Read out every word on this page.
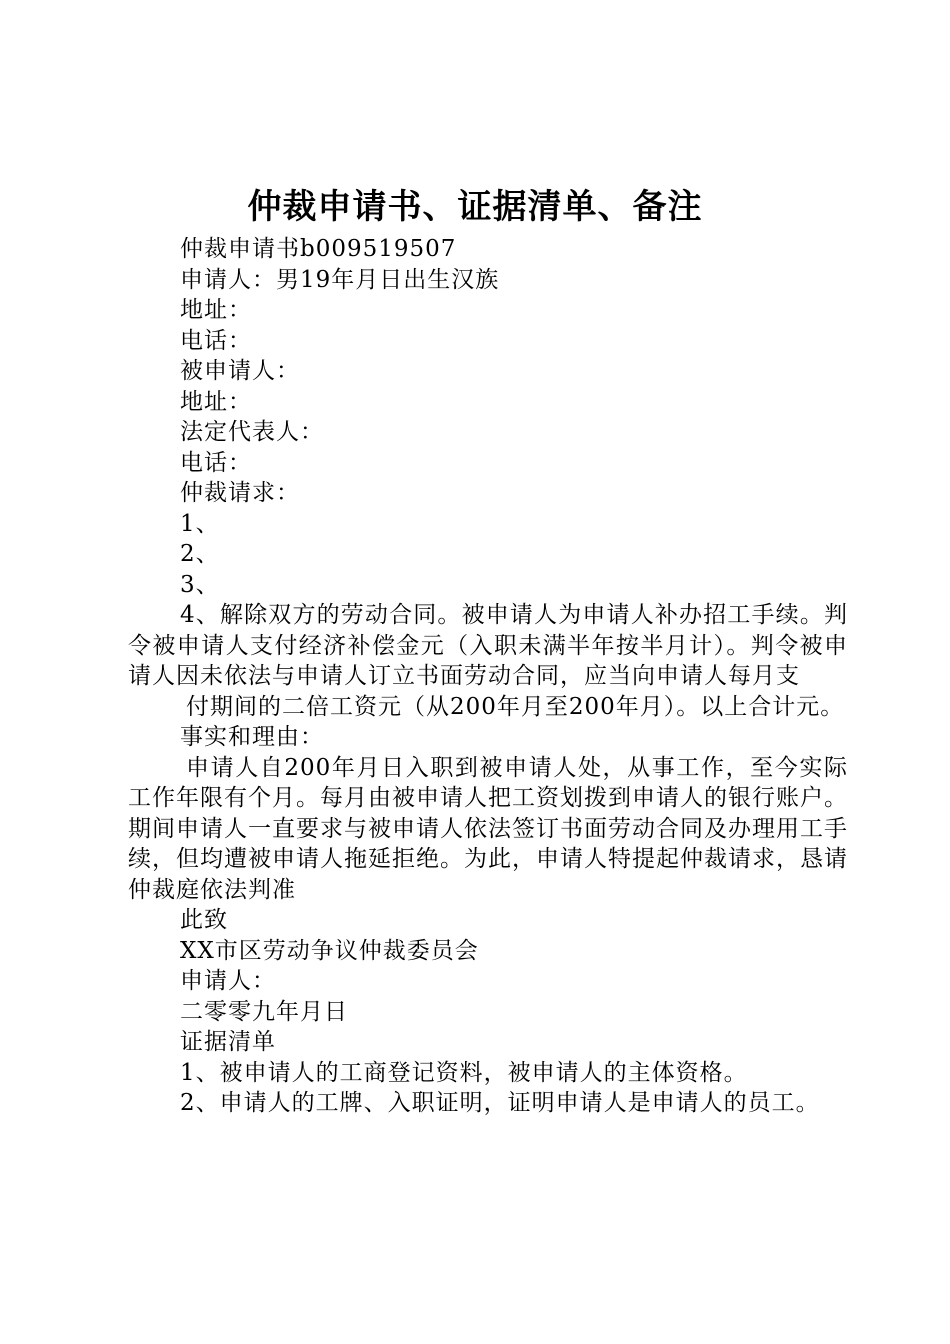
仲裁申请书、证据清单、备注
仲裁申请书b009519507
申请人：男19年月日出生汉族
地址：
电话：
被申请人：
地址：
法定代表人：
电话：
仲裁请求：
1、
2、
3、
4、解除双方的劳动合同。被申请人为申请人补办招工手续。判令被申请人支付经济补偿金元（入职未满半年按半月计）。判令被申请人因未依法与申请人订立书面劳动合同，应当向申请人每月支
付期间的二倍工资元（从200年月至200年月）。以上合计元。
事实和理由：
申请人自200年月日入职到被申请人处，从事工作，至今实际工作年限有个月。每月由被申请人把工资划拨到申请人的银行账户。期间申请人一直要求与被申请人依法签订书面劳动合同及办理用工手续，但均遭被申请人拖延拒绝。为此，申请人特提起仲裁请求，恳请仲裁庭依法判准
此致
XX市区劳动争议仲裁委员会
申请人：
二零零九年月日
证据清单
1、被申请人的工商登记资料，被申请人的主体资格。
2、申请人的工牌、入职证明，证明申请人是申请人的员工。
